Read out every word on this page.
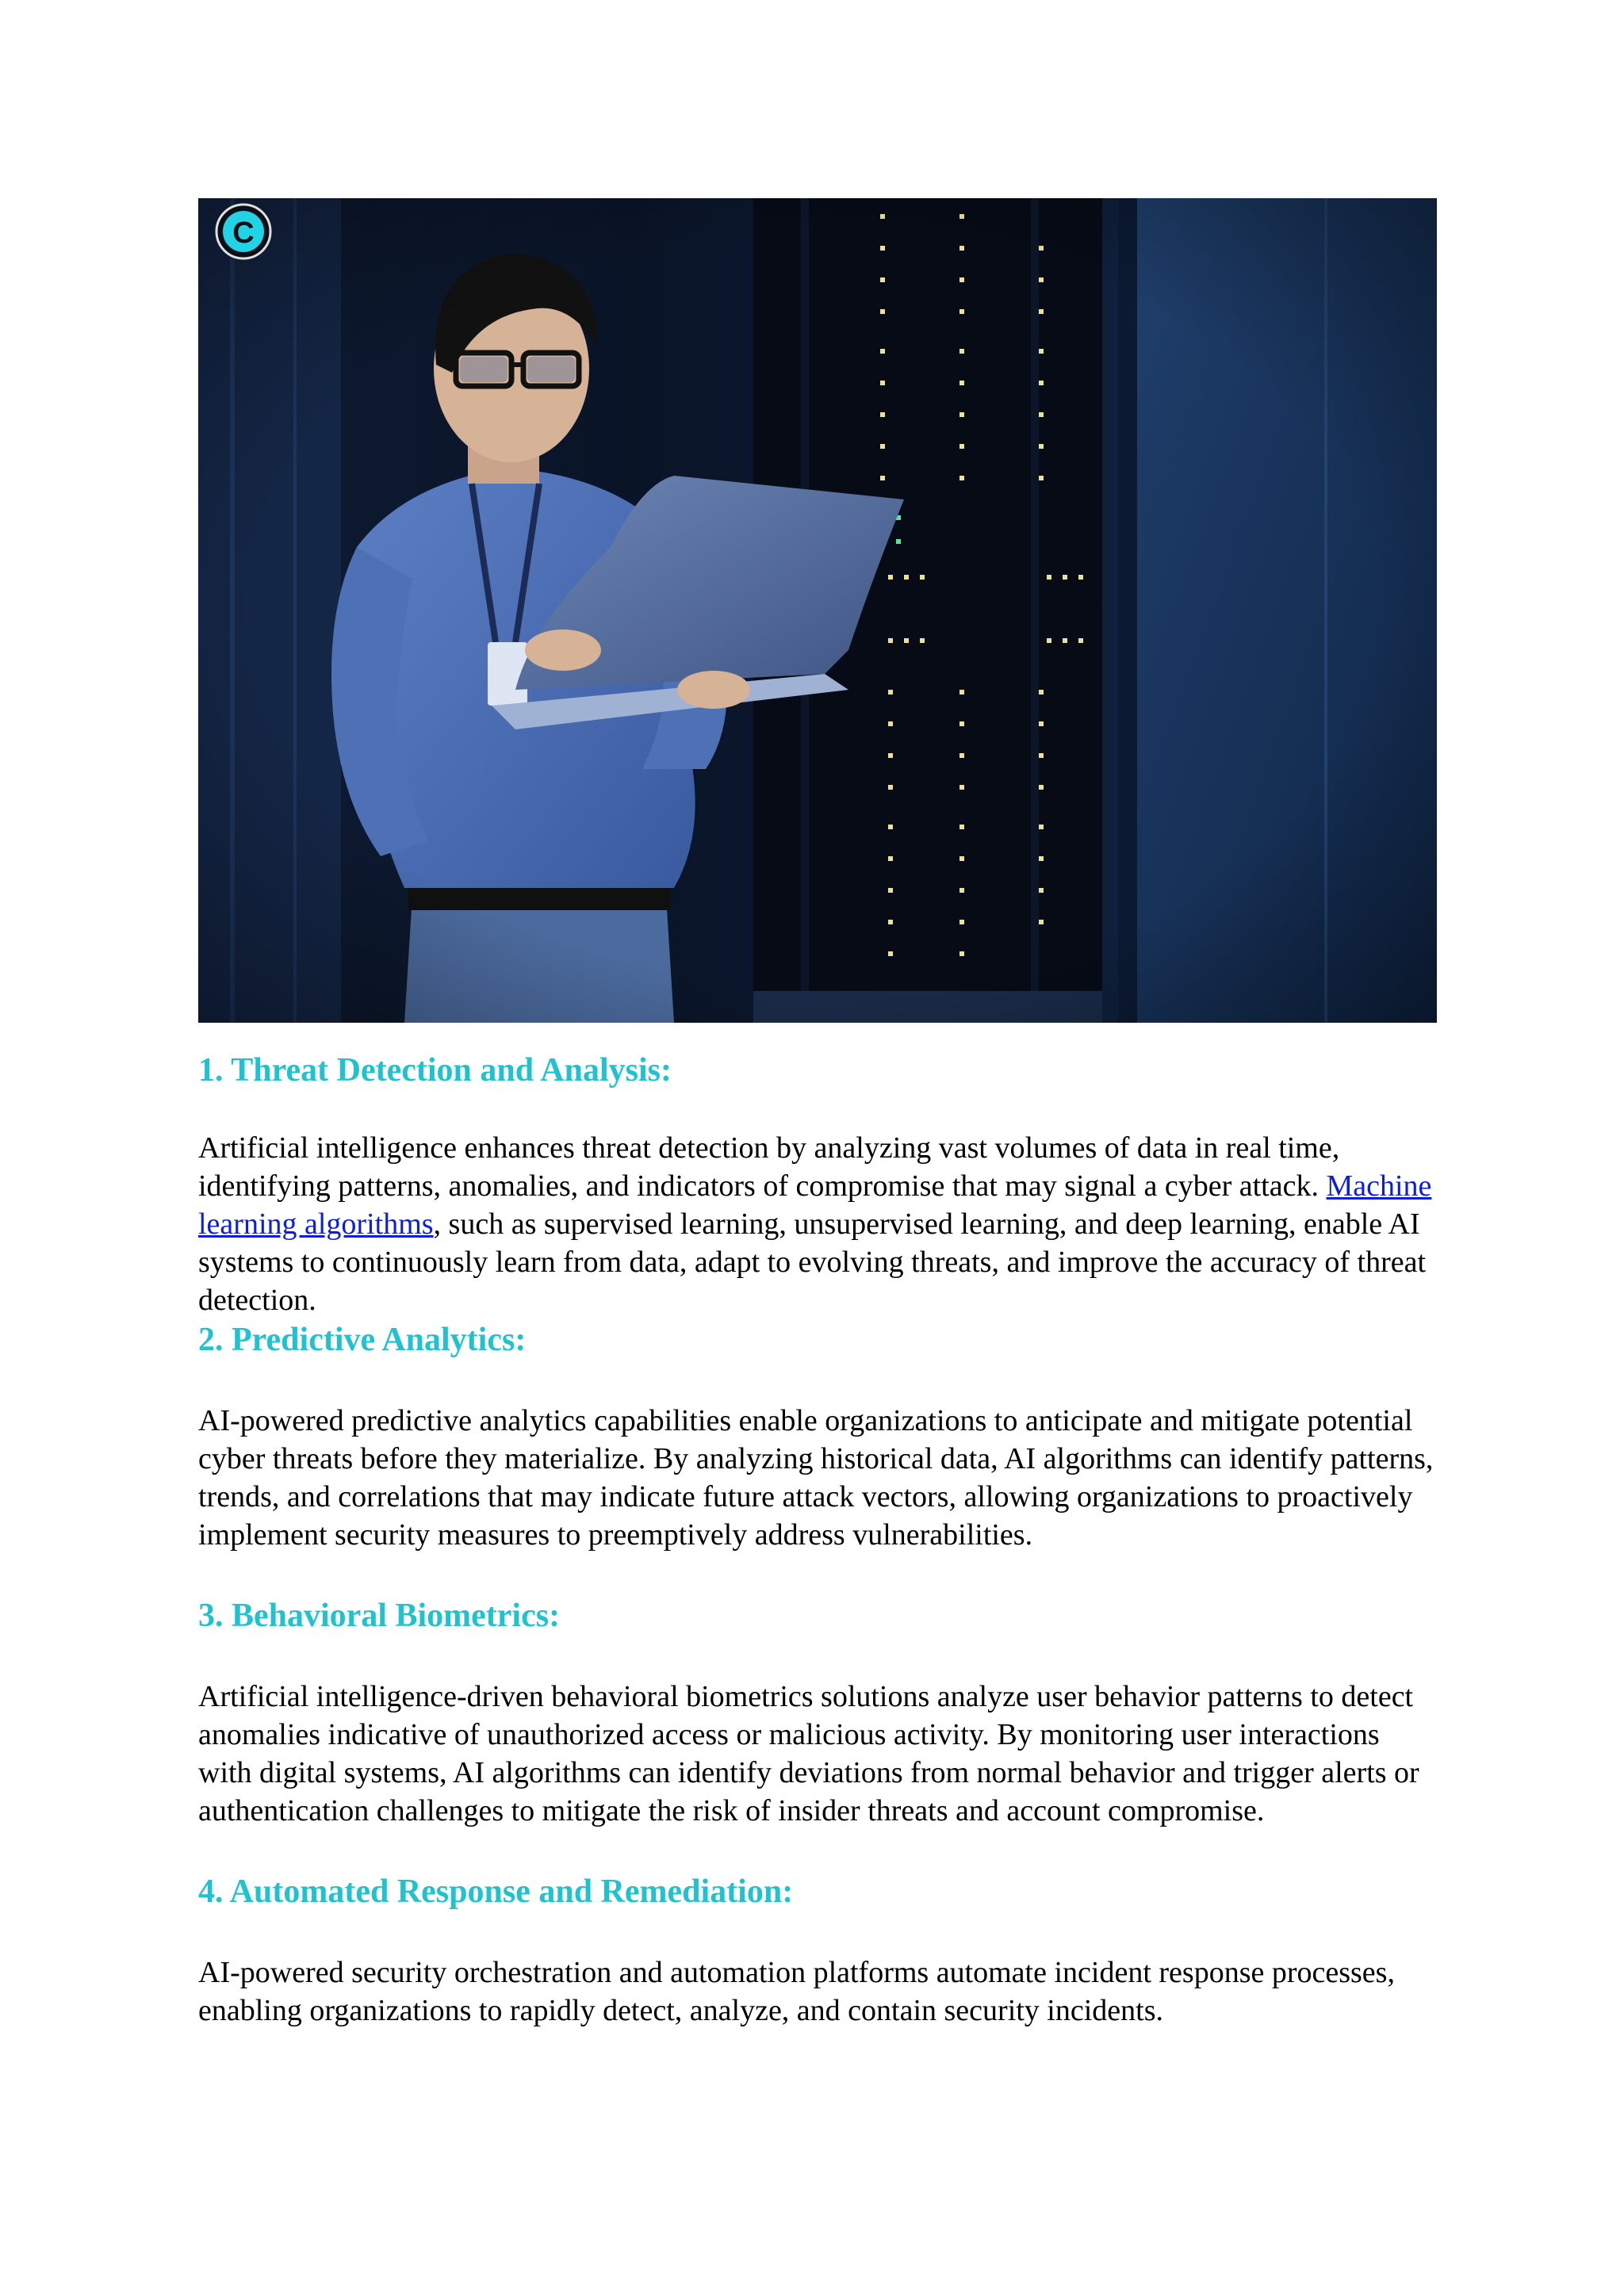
C
1. Threat Detection and Analysis:

Artificial intelligence enhances threat detection by analyzing vast volumes of data in real time, identifying patterns, anomalies, and indicators of compromise that may signal a cyber attack. Machine learning algorithms, such as supervised learning, unsupervised learning, and deep learning, enable AI systems to continuously learn from data, adapt to evolving threats, and improve the accuracy of threat detection.

2. Predictive Analytics:

AI-powered predictive analytics capabilities enable organizations to anticipate and mitigate potential cyber threats before they materialize. By analyzing historical data, AI algorithms can identify patterns, trends, and correlations that may indicate future attack vectors, allowing organizations to proactively implement security measures to preemptively address vulnerabilities.

3. Behavioral Biometrics:

Artificial intelligence-driven behavioral biometrics solutions analyze user behavior patterns to detect anomalies indicative of unauthorized access or malicious activity. By monitoring user interactions with digital systems, AI algorithms can identify deviations from normal behavior and trigger alerts or authentication challenges to mitigate the risk of insider threats and account compromise.

4. Automated Response and Remediation:

AI-powered security orchestration and automation platforms automate incident response processes, enabling organizations to rapidly detect, analyze, and contain security incidents.
